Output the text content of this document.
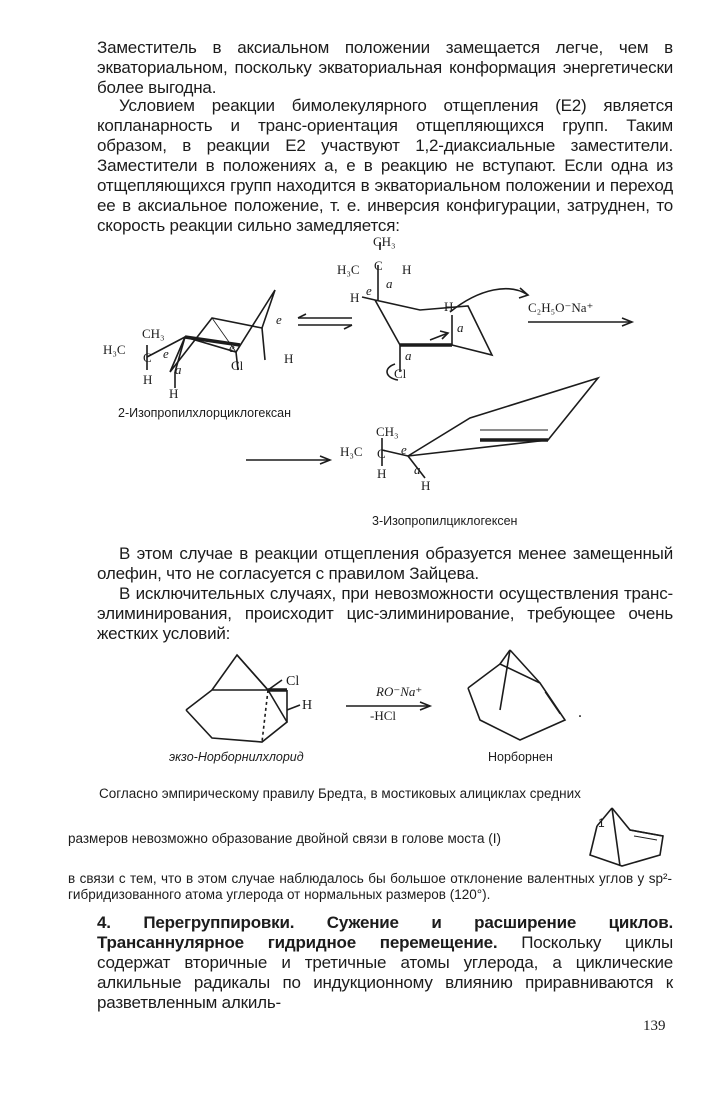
Заместитель в аксиальном положении замещается легче, чем в экваториальном, поскольку экваториальная конформация энергетически более выгодна.
Условием реакции бимолекулярного отщепления (E2) является копланарность и транс-ориентация отщепляющихся групп. Таким образом, в реакции E2 участвуют 1,2-диаксиальные заместители. Заместители в положениях a, e в реакцию не вступают. Если одна из отщепляющихся групп находится в экваториальном положении и переход ее в аксиальное положение, т. е. инверсия конфигурации, затруднен, то скорость реакции сильно замедляется:
CH₃
H₃C
C
H
H
a
e	e
Cl
e
H
2-Изопропилхлорциклогексан
CH₃
H₃C C H
a
H e
H
a
a
Cl
C₂H₅O⁻Na⁺
CH₃
H₃C C
H
H
a
e
3-Изопропилциклогексен
В этом случае в реакции отщепления образуется менее замещенный олефин, что не согласуется с правилом Зайцева.
В исключительных случаях, при невозможности осуществления транс-элиминирования, происходит цис-элиминирование, требующее очень жестких условий:
Cl
H
RO⁻Na⁺
-HCl
экзо-Норборнилхлорид	Норборнен
.
Согласно эмпирическому правилу Бредта, в мостиковых алициклах средних
размеров невозможно образование двойной связи в голове моста (I)
1
в связи с тем, что в этом случае наблюдалось бы большое отклонение валентных углов у sp²- гибридизованного атома углерода от нормальных размеров (120°).
4. Перегруппировки. Сужение и расширение циклов. Трансаннулярное гидридное перемещение. Поскольку циклы содержат вторичные и третичные атомы углерода, а циклические алкильные радикалы по индукционному влиянию приравниваются к разветвленным алкиль-
139
